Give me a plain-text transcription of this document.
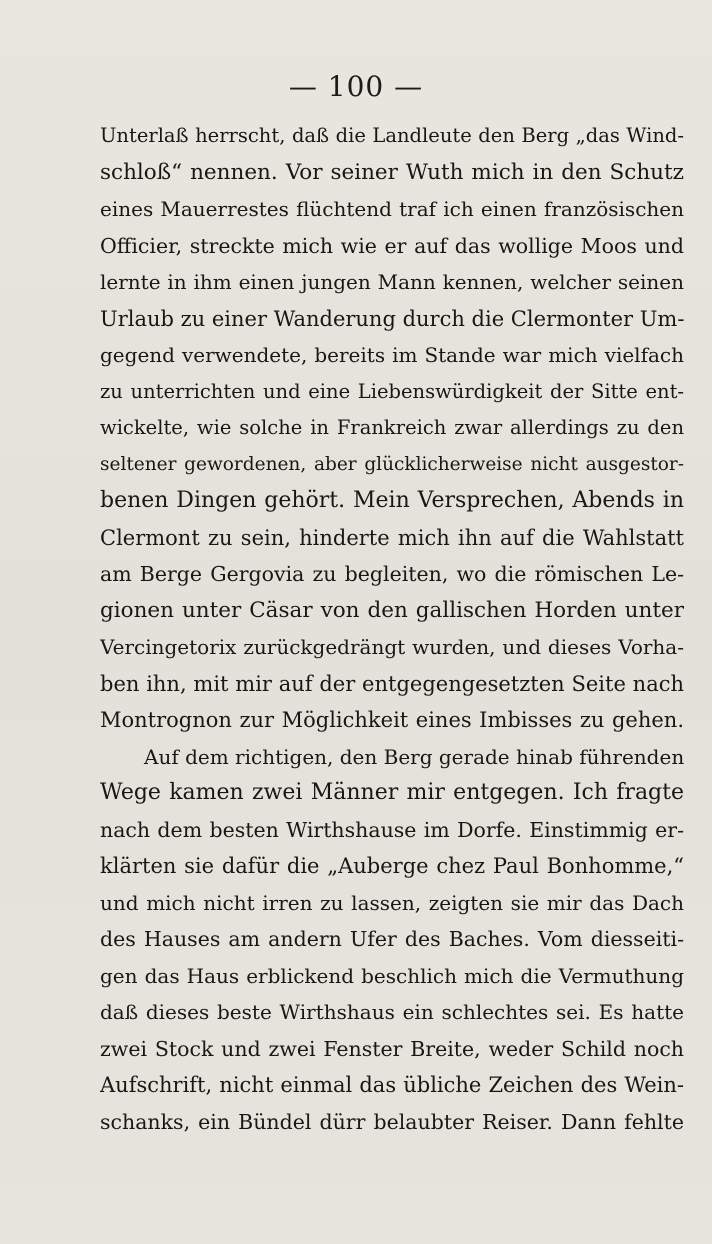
— 100 —
Unterlaß herrscht, daß die Landleute den Berg „das Wind-
schloß“ nennen. Vor seiner Wuth mich in den Schutz
eines Mauerrestes flüchtend traf ich einen französischen
Officier, streckte mich wie er auf das wollige Moos und
lernte in ihm einen jungen Mann kennen, welcher seinen
Urlaub zu einer Wanderung durch die Clermonter Um-
gegend verwendete, bereits im Stande war mich vielfach
zu unterrichten und eine Liebenswürdigkeit der Sitte ent-
wickelte, wie solche in Frankreich zwar allerdings zu den
seltener gewordenen, aber glücklicherweise nicht ausgestor-
benen Dingen gehört. Mein Versprechen, Abends in
Clermont zu sein, hinderte mich ihn auf die Wahlstatt
am Berge Gergovia zu begleiten, wo die römischen Le-
gionen unter Cäsar von den gallischen Horden unter
Vercingetorix zurückgedrängt wurden, und dieses Vorha-
ben ihn, mit mir auf der entgegengesetzten Seite nach
Montrognon zur Möglichkeit eines Imbisses zu gehen.
Auf dem richtigen, den Berg gerade hinab führenden
Wege kamen zwei Männer mir entgegen. Ich fragte
nach dem besten Wirthshause im Dorfe. Einstimmig er-
klärten sie dafür die „Auberge chez Paul Bonhomme,“
und mich nicht irren zu lassen, zeigten sie mir das Dach
des Hauses am andern Ufer des Baches. Vom diesseiti-
gen das Haus erblickend beschlich mich die Vermuthung
daß dieses beste Wirthshaus ein schlechtes sei. Es hatte
zwei Stock und zwei Fenster Breite, weder Schild noch
Aufschrift, nicht einmal das übliche Zeichen des Wein-
schanks, ein Bündel dürr belaubter Reiser. Dann fehlte
